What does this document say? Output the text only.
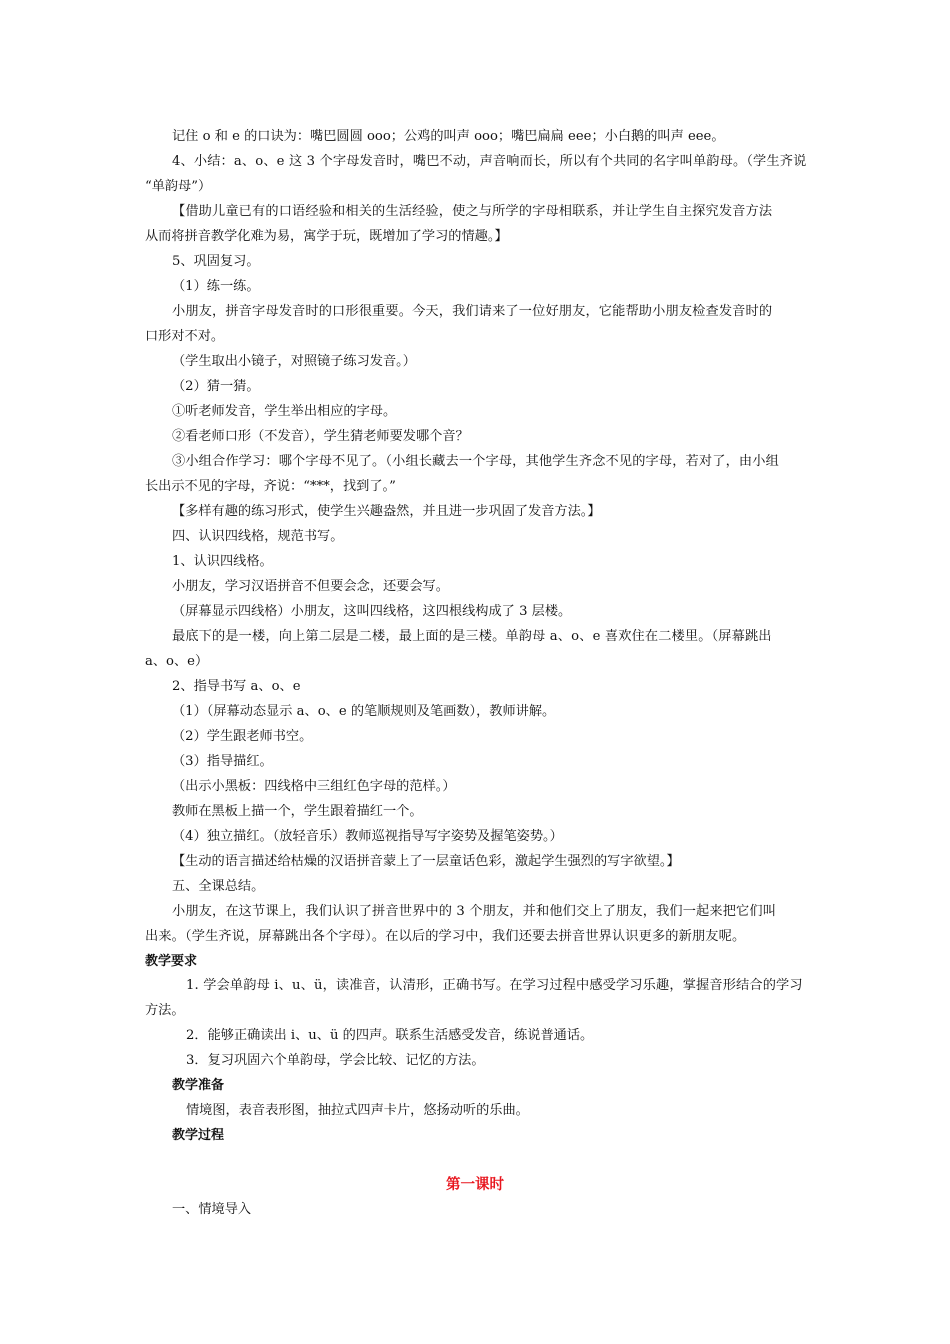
记住 o 和 e 的口诀为：嘴巴圆圆 ooo；公鸡的叫声 ooo；嘴巴扁扁 eee；小白鹅的叫声 eee。
4、小结：a、o、e 这 3 个字母发音时，嘴巴不动，声音响而长，所以有个共同的名字叫单韵母。（学生齐说
“单韵母”）
【借助儿童已有的口语经验和相关的生活经验，使之与所学的字母相联系，并让学生自主探究发音方法
从而将拼音教学化难为易，寓学于玩，既增加了学习的情趣。】
5、巩固复习。
（1）练一练。
小朋友，拼音字母发音时的口形很重要。今天，我们请来了一位好朋友，它能帮助小朋友检查发音时的
口形对不对。
（学生取出小镜子，对照镜子练习发音。）
（2）猜一猜。
①听老师发音，学生举出相应的字母。
②看老师口形（不发音），学生猜老师要发哪个音？
③小组合作学习：哪个字母不见了。（小组长藏去一个字母，其他学生齐念不见的字母，若对了，由小组
长出示不见的字母，齐说：“***，找到了。”
【多样有趣的练习形式，使学生兴趣盎然，并且进一步巩固了发音方法。】
四、认识四线格，规范书写。
1、认识四线格。
小朋友，学习汉语拼音不但要会念，还要会写。
（屏幕显示四线格）小朋友，这叫四线格，这四根线构成了 3 层楼。
最底下的是一楼，向上第二层是二楼，最上面的是三楼。单韵母 a、o、e 喜欢住在二楼里。（屏幕跳出
a、o、e）
2、指导书写 a、o、e
（1）（屏幕动态显示 a、o、e 的笔顺规则及笔画数），教师讲解。
（2）学生跟老师书空。
（3）指导描红。
（出示小黑板：四线格中三组红色字母的范样。）
教师在黑板上描一个，学生跟着描红一个。
（4）独立描红。（放轻音乐）教师巡视指导写字姿势及握笔姿势。）
【生动的语言描述给枯燥的汉语拼音蒙上了一层童话色彩，激起学生强烈的写字欲望。】
五、全课总结。
小朋友，在这节课上，我们认识了拼音世界中的 3 个朋友，并和他们交上了朋友，我们一起来把它们叫
出来。（学生齐说，屏幕跳出各个字母）。在以后的学习中，我们还要去拼音世界认识更多的新朋友呢。
教学要求
1. 学会单韵母 i、u、ü，读准音，认清形，正确书写。在学习过程中感受学习乐趣，掌握音形结合的学习
方法。
2．能够正确读出 i、u、ü 的四声。联系生活感受发音，练说普通话。
3．复习巩固六个单韵母，学会比较、记忆的方法。
教学准备
情境图，表音表形图，抽拉式四声卡片，悠扬动听的乐曲。
教学过程
第一课时
一、情境导入
